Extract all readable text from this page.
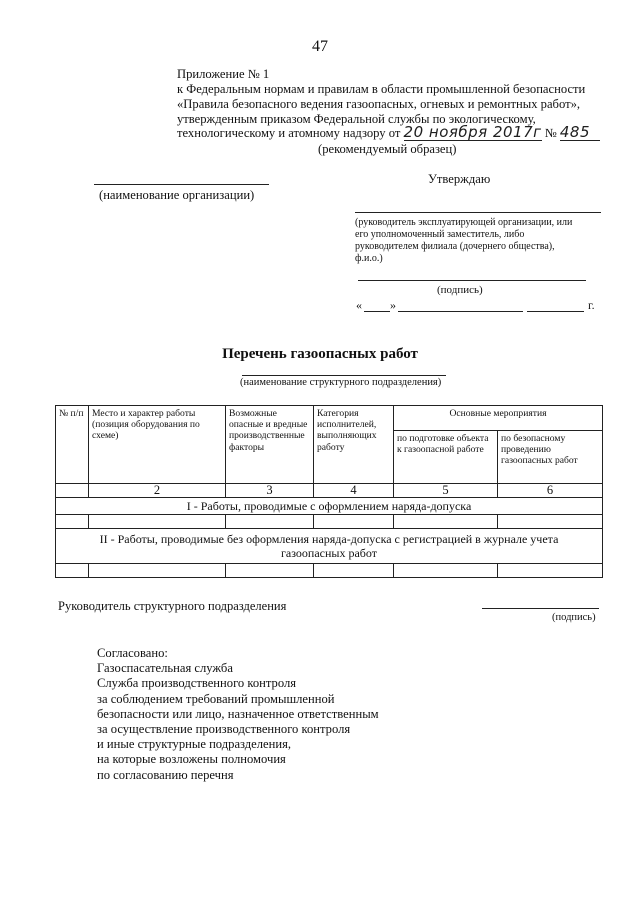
47
Приложение № 1
к Федеральным нормам и правилам в области промышленной безопасности
«Правила безопасного ведения газоопасных, огневых и ремонтных работ»,
утвержденным приказом Федеральной службы по экологическому,
технологическому и атомному надзору от 20 ноября 2017г № 485
(рекомендуемый образец)
Утверждаю
(наименование организации)
(руководитель эксплуатирующей организации, или
его уполномоченный заместитель, либо
руководителем филиала (дочернего общества),
ф.и.о.)
(подпись)
« »	г.
Перечень газоопасных работ
(наименование структурного подразделения)
№ п/п	Место и характер работы (позиция оборудования по схеме)	Возможные опасные и вредные производственные факторы	Категория исполнителей, выполняющих работу	Основные мероприятия	
				по подготовке объекта к газоопасной работе	по безопасному проведению газоопасных работ
	2	3	4	5	6
I - Работы, проводимые с оформлением наряда-допуска					

II - Работы, проводимые без оформления наряда-допуска с регистрацией в журнале учета
газоопасных работ					

Руководитель структурного подразделения
(подпись)
Согласовано:
Газоспасательная служба
Служба производственного контроля
за соблюдением требований промышленной
безопасности или лицо, назначенное ответственным
за осуществление производственного контроля
и иные структурные подразделения,
на которые возложены полномочия
по согласованию перечня
